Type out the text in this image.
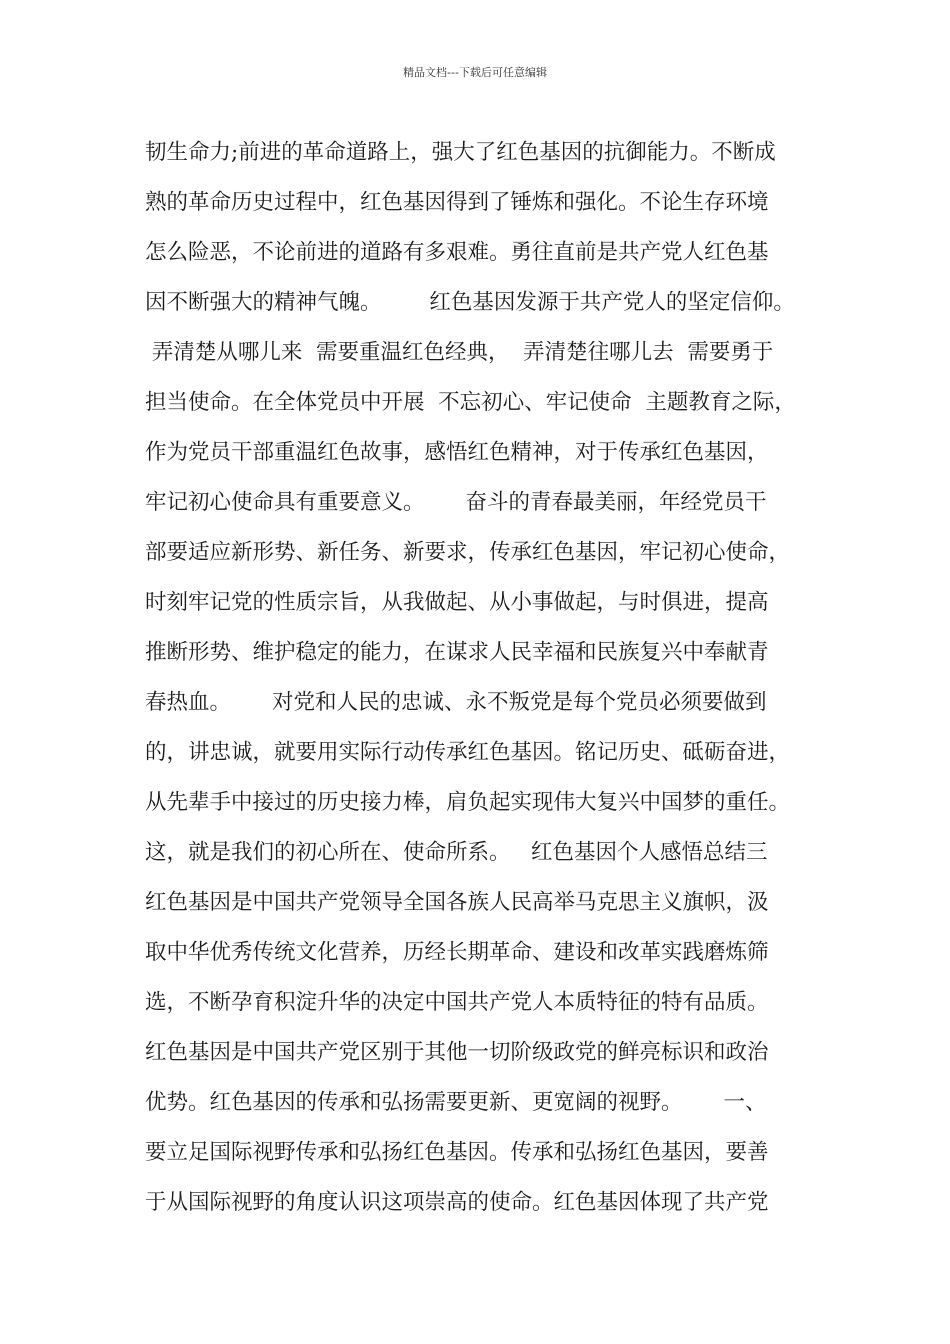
精品文档---下载后可任意编辑
韧生命力;前进的革命道路上，强大了红色基因的抗御能力。不断成
熟的革命历史过程中，红色基因得到了锤炼和强化。不论生存环境
怎么险恶，不论前进的道路有多艰难。勇往直前是共产党人红色基
因不断强大的精神气魄。       红色基因发源于共产党人的坚定信仰。
弄清楚从哪儿来  需要重温红色经典，  弄清楚往哪儿去  需要勇于
担当使命。在全体党员中开展  不忘初心、牢记使命  主题教育之际，
作为党员干部重温红色故事，感悟红色精神，对于传承红色基因，
牢记初心使命具有重要意义。      奋斗的青春最美丽，年经党员干
部要适应新形势、新任务、新要求，传承红色基因，牢记初心使命，
时刻牢记党的性质宗旨，从我做起、从小事做起，与时俱进，提高
推断形势、维护稳定的能力，在谋求人民幸福和民族复兴中奉献青
春热血。      对党和人民的忠诚、永不叛党是每个党员必须要做到
的，讲忠诚，就要用实际行动传承红色基因。铭记历史、砥砺奋进，
从先辈手中接过的历史接力棒，肩负起实现伟大复兴中国梦的重任。
这，就是我们的初心所在、使命所系。   红色基因个人感悟总结三
红色基因是中国共产党领导全国各族人民高举马克思主义旗帜，汲
取中华优秀传统文化营养，历经长期革命、建设和改革实践磨炼筛
选，不断孕育积淀升华的决定中国共产党人本质特征的特有品质。
红色基因是中国共产党区别于其他一切阶级政党的鲜亮标识和政治
优势。红色基因的传承和弘扬需要更新、更宽阔的视野。      一、
要立足国际视野传承和弘扬红色基因。传承和弘扬红色基因，要善
于从国际视野的角度认识这项崇高的使命。红色基因体现了共产党
